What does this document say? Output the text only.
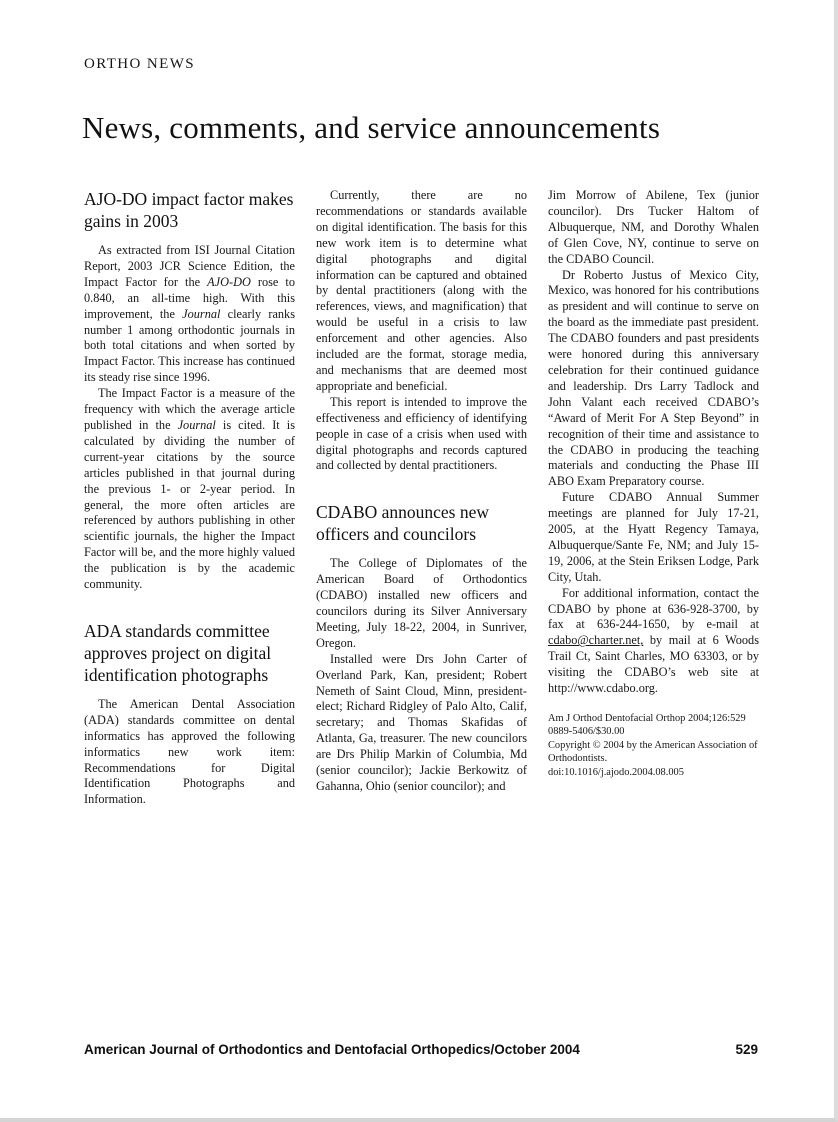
ORTHO NEWS
News, comments, and service announcements
AJO-DO impact factor makes gains in 2003

As extracted from ISI Journal Citation Report, 2003 JCR Science Edition, the Impact Factor for the AJO-DO rose to 0.840, an all-time high. With this improvement, the Journal clearly ranks number 1 among orthodontic journals in both total citations and when sorted by Impact Factor. This increase has continued its steady rise since 1996.

The Impact Factor is a measure of the frequency with which the average article published in the Journal is cited. It is calculated by dividing the number of current-year citations by the source articles published in that journal during the previous 1- or 2-year period. In general, the more often articles are referenced by authors publishing in other scientific journals, the higher the Impact Factor will be, and the more highly valued the publication is by the academic community.

ADA standards committee approves project on digital identification photographs

The American Dental Association (ADA) standards committee on dental informatics has approved the following informatics new work item: Recommendations for Digital Identification Photographs and Information.

Currently, there are no recommendations or standards available on digital identification. The basis for this new work item is to determine what digital photographs and digital information can be captured and obtained by dental practitioners (along with the references, views, and magnification) that would be useful in a crisis to law enforcement and other agencies. Also included are the format, storage media, and mechanisms that are deemed most appropriate and beneficial.

This report is intended to improve the effectiveness and efficiency of identifying people in case of a crisis when used with digital photographs and records captured and collected by dental practitioners.

CDABO announces new officers and councilors

The College of Diplomates of the American Board of Orthodontics (CDABO) installed new officers and councilors during its Silver Anniversary Meeting, July 18-22, 2004, in Sunriver, Oregon.

Installed were Drs John Carter of Overland Park, Kan, president; Robert Nemeth of Saint Cloud, Minn, president-elect; Richard Ridgley of Palo Alto, Calif, secretary; and Thomas Skafidas of Atlanta, Ga, treasurer. The new councilors are Drs Philip Markin of Columbia, Md (senior councilor); Jackie Berkowitz of Gahanna, Ohio (senior councilor); and

Jim Morrow of Abilene, Tex (junior councilor). Drs Tucker Haltom of Albuquerque, NM, and Dorothy Whalen of Glen Cove, NY, continue to serve on the CDABO Council.

Dr Roberto Justus of Mexico City, Mexico, was honored for his contributions as president and will continue to serve on the board as the immediate past president. The CDABO founders and past presidents were honored during this anniversary celebration for their continued guidance and leadership. Drs Larry Tadlock and John Valant each received CDABO’s “Award of Merit For A Step Beyond” in recognition of their time and assistance to the CDABO in producing the teaching materials and conducting the Phase III ABO Exam Preparatory course.

Future CDABO Annual Summer meetings are planned for July 17-21, 2005, at the Hyatt Regency Tamaya, Albuquerque/Sante Fe, NM; and July 15-19, 2006, at the Stein Eriksen Lodge, Park City, Utah.

For additional information, contact the CDABO by phone at 636-928-3700, by fax at 636-244-1650, by e-mail at cdabo@charter.net, by mail at 6 Woods Trail Ct, Saint Charles, MO 63303, or by visiting the CDABO’s web site at http://www.cdabo.org.

Am J Orthod Dentofacial Orthop 2004;126:529
0889-5406/$30.00
Copyright © 2004 by the American Association of Orthodontists.
doi:10.1016/j.ajodo.2004.08.005
American Journal of Orthodontics and Dentofacial Orthopedics/October 2004	529
